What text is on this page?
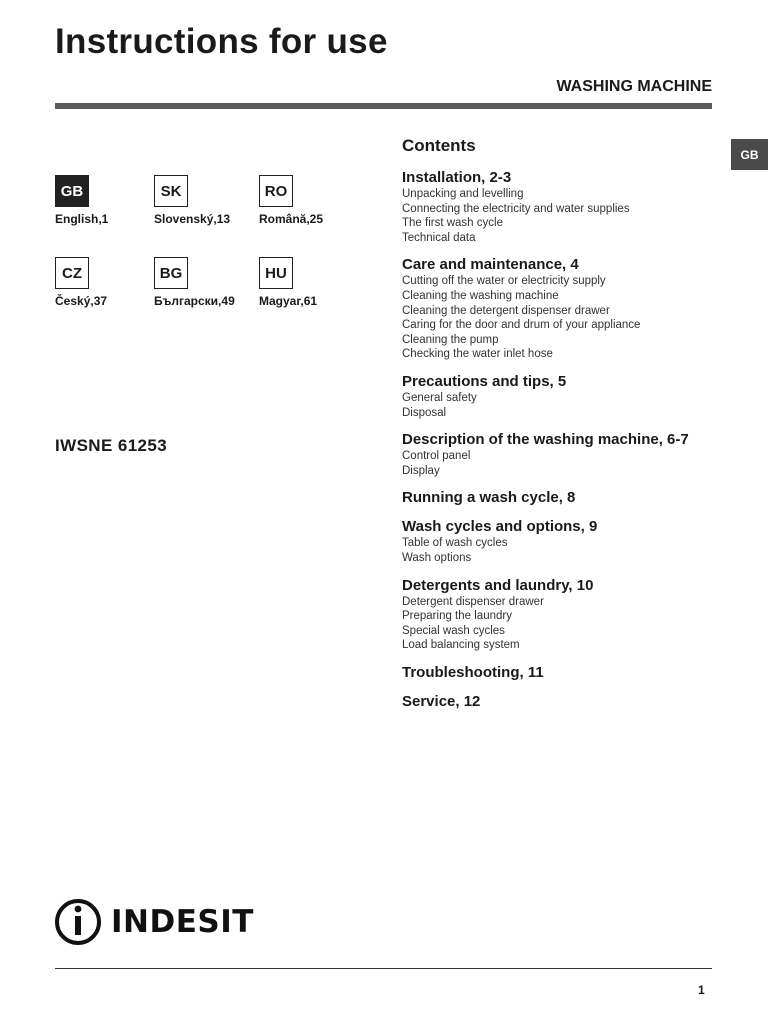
Instructions for use
WASHING MACHINE
GB
GB
English,1
SK
Slovenský,13
RO
Română,25
CZ
Český,37
BG
Български,49
HU
Magyar,61
IWSNE 61253
Contents
Installation, 2-3
Unpacking and levelling
Connecting the electricity and water supplies
The first wash cycle
Technical data
Care and maintenance, 4
Cutting off the water or electricity supply
Cleaning the washing machine
Cleaning the detergent dispenser drawer
Caring for the door and drum of your appliance
Cleaning the pump
Checking the water inlet hose
Precautions and tips, 5
General safety
Disposal
Description of the washing machine, 6-7
Control panel
Display
Running a wash cycle, 8
Wash cycles and options, 9
Table of wash cycles
Wash options
Detergents and laundry, 10
Detergent dispenser drawer
Preparing the laundry
Special wash cycles
Load balancing system
Troubleshooting, 11
Service, 12
INDESIT
1
